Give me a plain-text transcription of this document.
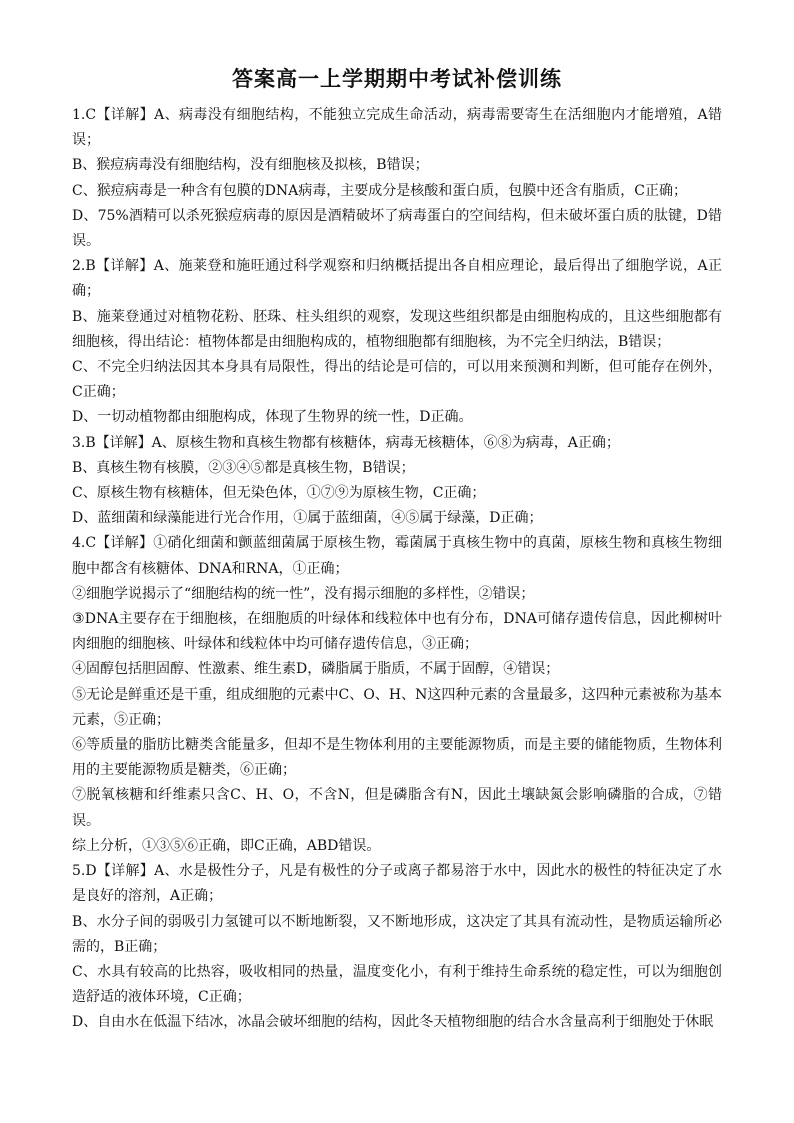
答案高一上学期期中考试补偿训练

1.C【详解】A、病毒没有细胞结构，不能独立完成生命活动，病毒需要寄生在活细胞内才能增殖，A错误；

B、猴痘病毒没有细胞结构，没有细胞核及拟核，B错误；

C、猴痘病毒是一种含有包膜的DNA病毒，主要成分是核酸和蛋白质，包膜中还含有脂质，C正确；

D、75%酒精可以杀死猴痘病毒的原因是酒精破坏了病毒蛋白的空间结构，但未破坏蛋白质的肽键，D错误。

2.B【详解】A、施莱登和施旺通过科学观察和归纳概括提出各自相应理论，最后得出了细胞学说，A正确；

B、施莱登通过对植物花粉、胚珠、柱头组织的观察，发现这些组织都是由细胞构成的，且这些细胞都有细胞核，得出结论：植物体都是由细胞构成的，植物细胞都有细胞核，为不完全归纳法，B错误；

C、不完全归纳法因其本身具有局限性，得出的结论是可信的，可以用来预测和判断，但可能存在例外，C正确；

D、一切动植物都由细胞构成，体现了生物界的统一性，D正确。

3.B【详解】A、原核生物和真核生物都有核糖体，病毒无核糖体，⑥⑧为病毒，A正确；

B、真核生物有核膜，②③④⑤都是真核生物，B错误；

C、原核生物有核糖体，但无染色体，①⑦⑨为原核生物，C正确；

D、蓝细菌和绿藻能进行光合作用，①属于蓝细菌，④⑤属于绿藻，D正确；

4.C【详解】①硝化细菌和颤蓝细菌属于原核生物，霉菌属于真核生物中的真菌，原核生物和真核生物细胞中都含有核糖体、DNA和RNA，①正确；

②细胞学说揭示了“细胞结构的统一性”，没有揭示细胞的多样性，②错误；

③DNA主要存在于细胞核，在细胞质的叶绿体和线粒体中也有分布，DNA可储存遗传信息，因此柳树叶肉细胞的细胞核、叶绿体和线粒体中均可储存遗传信息，③正确；

④固醇包括胆固醇、性激素、维生素D，磷脂属于脂质，不属于固醇，④错误；

⑤无论是鲜重还是干重，组成细胞的元素中C、O、H、N这四种元素的含量最多，这四种元素被称为基本元素，⑤正确；

⑥等质量的脂肪比糖类含能量多，但却不是生物体利用的主要能源物质，而是主要的储能物质，生物体利用的主要能源物质是糖类，⑥正确；

⑦脱氧核糖和纤维素只含C、H、O，不含N，但是磷脂含有N，因此土壤缺氮会影响磷脂的合成，⑦错误。

综上分析，①③⑤⑥正确，即C正确，ABD错误。

5.D【详解】A、水是极性分子，凡是有极性的分子或离子都易溶于水中，因此水的极性的特征决定了水是良好的溶剂，A正确；

B、水分子间的弱吸引力氢键可以不断地断裂，又不断地形成，这决定了其具有流动性，是物质运输所必需的，B正确；

C、水具有较高的比热容，吸收相同的热量，温度变化小，有利于维持生命系统的稳定性，可以为细胞创造舒适的液体环境，C正确；

D、自由水在低温下结冰，冰晶会破坏细胞的结构，因此冬天植物细胞的结合水含量高利于细胞处于休眠
